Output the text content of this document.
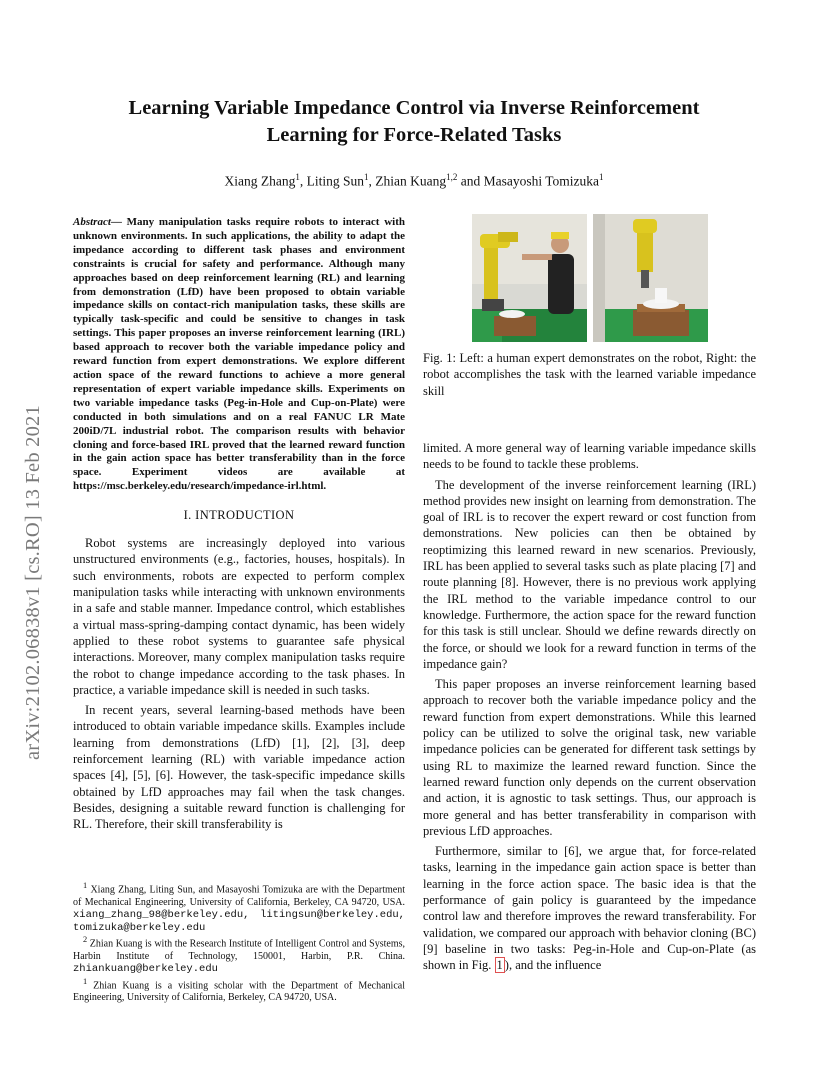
arXiv:2102.06838v1 [cs.RO] 13 Feb 2021
Learning Variable Impedance Control via Inverse Reinforcement
Learning for Force-Related Tasks
Xiang Zhang$^1$, Liting Sun$^1$, Zhian Kuang$^{1,2}$ and Masayoshi Tomizuka$^1$

Abstract— Many manipulation tasks require robots to interact with unknown environments. In such applications, the ability to adapt the impedance according to different task phases and environment constraints is crucial for safety and performance. Although many approaches based on deep reinforcement learning (RL) and learning from demonstration (LfD) have been proposed to obtain variable impedance skills on contact-rich manipulation tasks, these skills are typically task-specific and could be sensitive to changes in task settings. This paper proposes an inverse reinforcement learning (IRL) based approach to recover both the variable impedance policy and reward function from expert demonstrations. We explore different action space of the reward functions to achieve a more general representation of expert variable impedance skills. Experiments on two variable impedance tasks (Peg-in-Hole and Cup-on-Plate) were conducted in both simulations and on a real FANUC LR Mate 200iD/7L industrial robot. The comparison results with behavior cloning and force-based IRL proved that the learned reward function in the gain action space has better transferability than in the force space. Experiment videos are available at https://msc.berkeley.edu/research/impedance-irl.html.

I. INTRODUCTION

Robot systems are increasingly deployed into various unstructured environments (e.g., factories, houses, hospitals). In such environments, robots are expected to perform complex manipulation tasks while interacting with unknown environments in a safe and stable manner. Impedance control, which establishes a virtual mass-spring-damping contact dynamic, has been widely applied to these robot systems to guarantee safe physical interactions. Moreover, many complex manipulation tasks require the robot to change impedance according to the task phases. In practice, a variable impedance skill is needed in such tasks.

In recent years, several learning-based methods have been introduced to obtain variable impedance skills. Examples include learning from demonstrations (LfD) [1], [2], [3], deep reinforcement learning (RL) with variable impedance action spaces [4], [5], [6]. However, the task-specific impedance skills obtained by LfD approaches may fail when the task changes. Besides, designing a suitable reward function is challenging for RL. Therefore, their skill transferability is

$^1$ Xiang Zhang, Liting Sun, and Masayoshi Tomizuka are with the Department of Mechanical Engineering, University of California, Berkeley, CA 94720, USA. xiang_zhang_98@berkeley.edu, litingsun@berkeley.edu, tomizuka@berkeley.edu

$^2$ Zhian Kuang is with the Research Institute of Intelligent Control and Systems, Harbin Institute of Technology, 150001, Harbin, P.R. China. zhiankuang@berkeley.edu

$^1$ Zhian Kuang is a visiting scholar with the Department of Mechanical Engineering, University of California, Berkeley, CA 94720, USA.

Fig. 1: Left: a human expert demonstrates on the robot, Right: the robot accomplishes the task with the learned variable impedance skill

limited. A more general way of learning variable impedance skills needs to be found to tackle these problems.

The development of the inverse reinforcement learning (IRL) method provides new insight on learning from demonstration. The goal of IRL is to recover the expert reward or cost function from demonstrations. New policies can then be obtained by reoptimizing this learned reward in new scenarios. Previously, IRL has been applied to several tasks such as plate placing [7] and route planning [8]. However, there is no previous work applying the IRL method to the variable impedance control to our knowledge. Furthermore, the action space for the reward function for this task is still unclear. Should we define rewards directly on the force, or should we look for a reward function in terms of the impedance gain?

This paper proposes an inverse reinforcement learning based approach to recover both the variable impedance policy and the reward function from expert demonstrations. While this learned policy can be utilized to solve the original task, new variable impedance policies can be generated for different task settings by using RL to maximize the learned reward function. Since the learned reward function only depends on the current observation and action, it is agnostic to task settings. Thus, our approach is more general and has better transferability in comparison with previous LfD approaches.

Furthermore, similar to [6], we argue that, for force-related tasks, learning in the impedance gain action space is better than learning in the force action space. The basic idea is that the performance of gain policy is guaranteed by the impedance control law and therefore improves the reward transferability. For validation, we compared our approach with behavior cloning (BC) [9] baseline in two tasks: Peg-in-Hole and Cup-on-Plate (as shown in Fig. 1 ), and the influence
